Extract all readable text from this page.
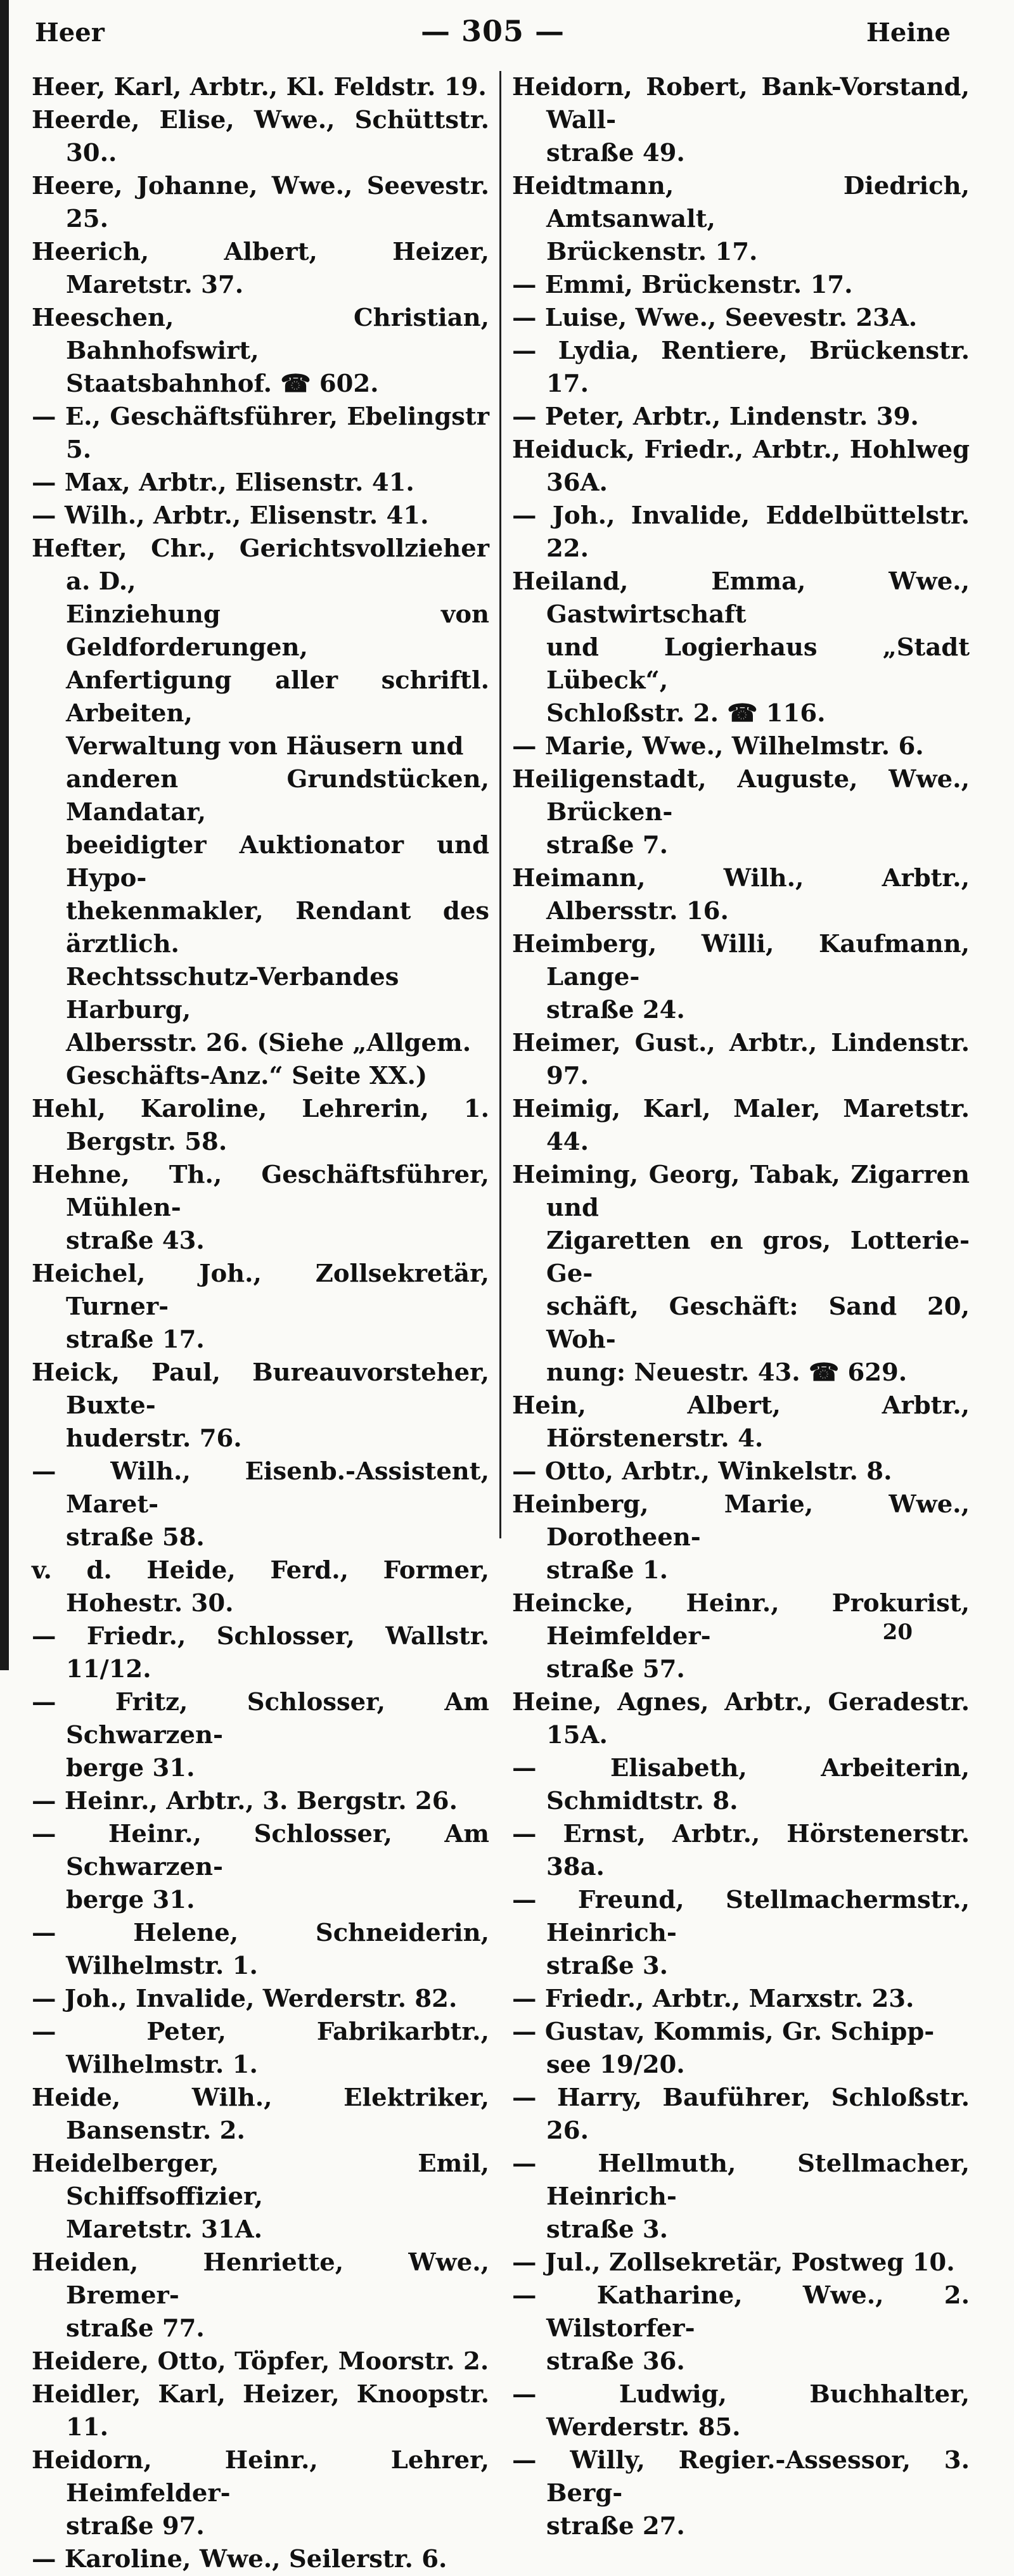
Heer	— 305 —	Heine
Heer, Karl, Arbtr., Kl. Feldstr. 19.
Heerde, Elise, Wwe., Schüttstr. 30..
Heere, Johanne, Wwe., Seevestr. 25.
Heerich, Albert, Heizer, Maretstr. 37.
Heeschen, Christian, Bahnhofswirt,
Staatsbahnhof. ☎ 602.
— E., Geschäftsführer, Ebelingstr 5.
— Max, Arbtr., Elisenstr. 41.
— Wilh., Arbtr., Elisenstr. 41.
Hefter, Chr., Gerichtsvollzieher a. D.,
Einziehung von Geldforderungen,
Anfertigung aller schriftl. Arbeiten,
Verwaltung von Häusern und
anderen Grundstücken, Mandatar,
beeidigter Auktionator und Hypo-
thekenmakler, Rendant des ärztlich.
Rechtsschutz-Verbandes Harburg,
Albersstr. 26. (Siehe „Allgem.
Geschäfts-Anz.“ Seite XX.)
Hehl, Karoline, Lehrerin, 1. Bergstr. 58.
Hehne, Th., Geschäftsführer, Mühlen-
straße 43.
Heichel, Joh., Zollsekretär, Turner-
straße 17.
Heick, Paul, Bureauvorsteher, Buxte-
huderstr. 76.
— Wilh., Eisenb.-Assistent, Maret-
straße 58.
v. d. Heide, Ferd., Former, Hohestr. 30.
— Friedr., Schlosser, Wallstr. 11/12.
— Fritz, Schlosser, Am Schwarzen-
berge 31.
— Heinr., Arbtr., 3. Bergstr. 26.
— Heinr., Schlosser, Am Schwarzen-
berge 31.
— Helene, Schneiderin, Wilhelmstr. 1.
— Joh., Invalide, Werderstr. 82.
— Peter, Fabrikarbtr., Wilhelmstr. 1.
Heide, Wilh., Elektriker, Bansenstr. 2.
Heidelberger, Emil, Schiffsoffizier,
Maretstr. 31A.
Heiden, Henriette, Wwe., Bremer-
straße 77.
Heidere, Otto, Töpfer, Moorstr. 2.
Heidler, Karl, Heizer, Knoopstr. 11.
Heidorn, Heinr., Lehrer, Heimfelder-
straße 97.
— Karoline, Wwe., Seilerstr. 6.
Heidorn, Robert, Bank-Vorstand, Wall-
straße 49.
Heidtmann, Diedrich, Amtsanwalt,
Brückenstr. 17.
— Emmi, Brückenstr. 17.
— Luise, Wwe., Seevestr. 23A.
— Lydia, Rentiere, Brückenstr. 17.
— Peter, Arbtr., Lindenstr. 39.
Heiduck, Friedr., Arbtr., Hohlweg 36A.
— Joh., Invalide, Eddelbüttelstr. 22.
Heiland, Emma, Wwe., Gastwirtschaft
und Logierhaus „Stadt Lübeck“,
Schloßstr. 2. ☎ 116.
— Marie, Wwe., Wilhelmstr. 6.
Heiligenstadt, Auguste, Wwe., Brücken-
straße 7.
Heimann, Wilh., Arbtr., Albersstr. 16.
Heimberg, Willi, Kaufmann, Lange-
straße 24.
Heimer, Gust., Arbtr., Lindenstr. 97.
Heimig, Karl, Maler, Maretstr. 44.
Heiming, Georg, Tabak, Zigarren und
Zigaretten en gros, Lotterie-Ge-
schäft, Geschäft: Sand 20, Woh-
nung: Neuestr. 43. ☎ 629.
Hein, Albert, Arbtr., Hörstenerstr. 4.
— Otto, Arbtr., Winkelstr. 8.
Heinberg, Marie, Wwe., Dorotheen-
straße 1.
Heincke, Heinr., Prokurist, Heimfelder-
straße 57.
Heine, Agnes, Arbtr., Geradestr. 15A.
— Elisabeth, Arbeiterin, Schmidtstr. 8.
— Ernst, Arbtr., Hörstenerstr. 38a.
— Freund, Stellmachermstr., Heinrich-
straße 3.
— Friedr., Arbtr., Marxstr. 23.
— Gustav, Kommis, Gr. Schipp-
see 19/20.
— Harry, Bauführer, Schloßstr. 26.
— Hellmuth, Stellmacher, Heinrich-
straße 3.
— Jul., Zollsekretär, Postweg 10.
— Katharine, Wwe., 2. Wilstorfer-
straße 36.
— Ludwig, Buchhalter, Werderstr. 85.
— Willy, Regier.-Assessor, 3. Berg-
straße 27.
20
